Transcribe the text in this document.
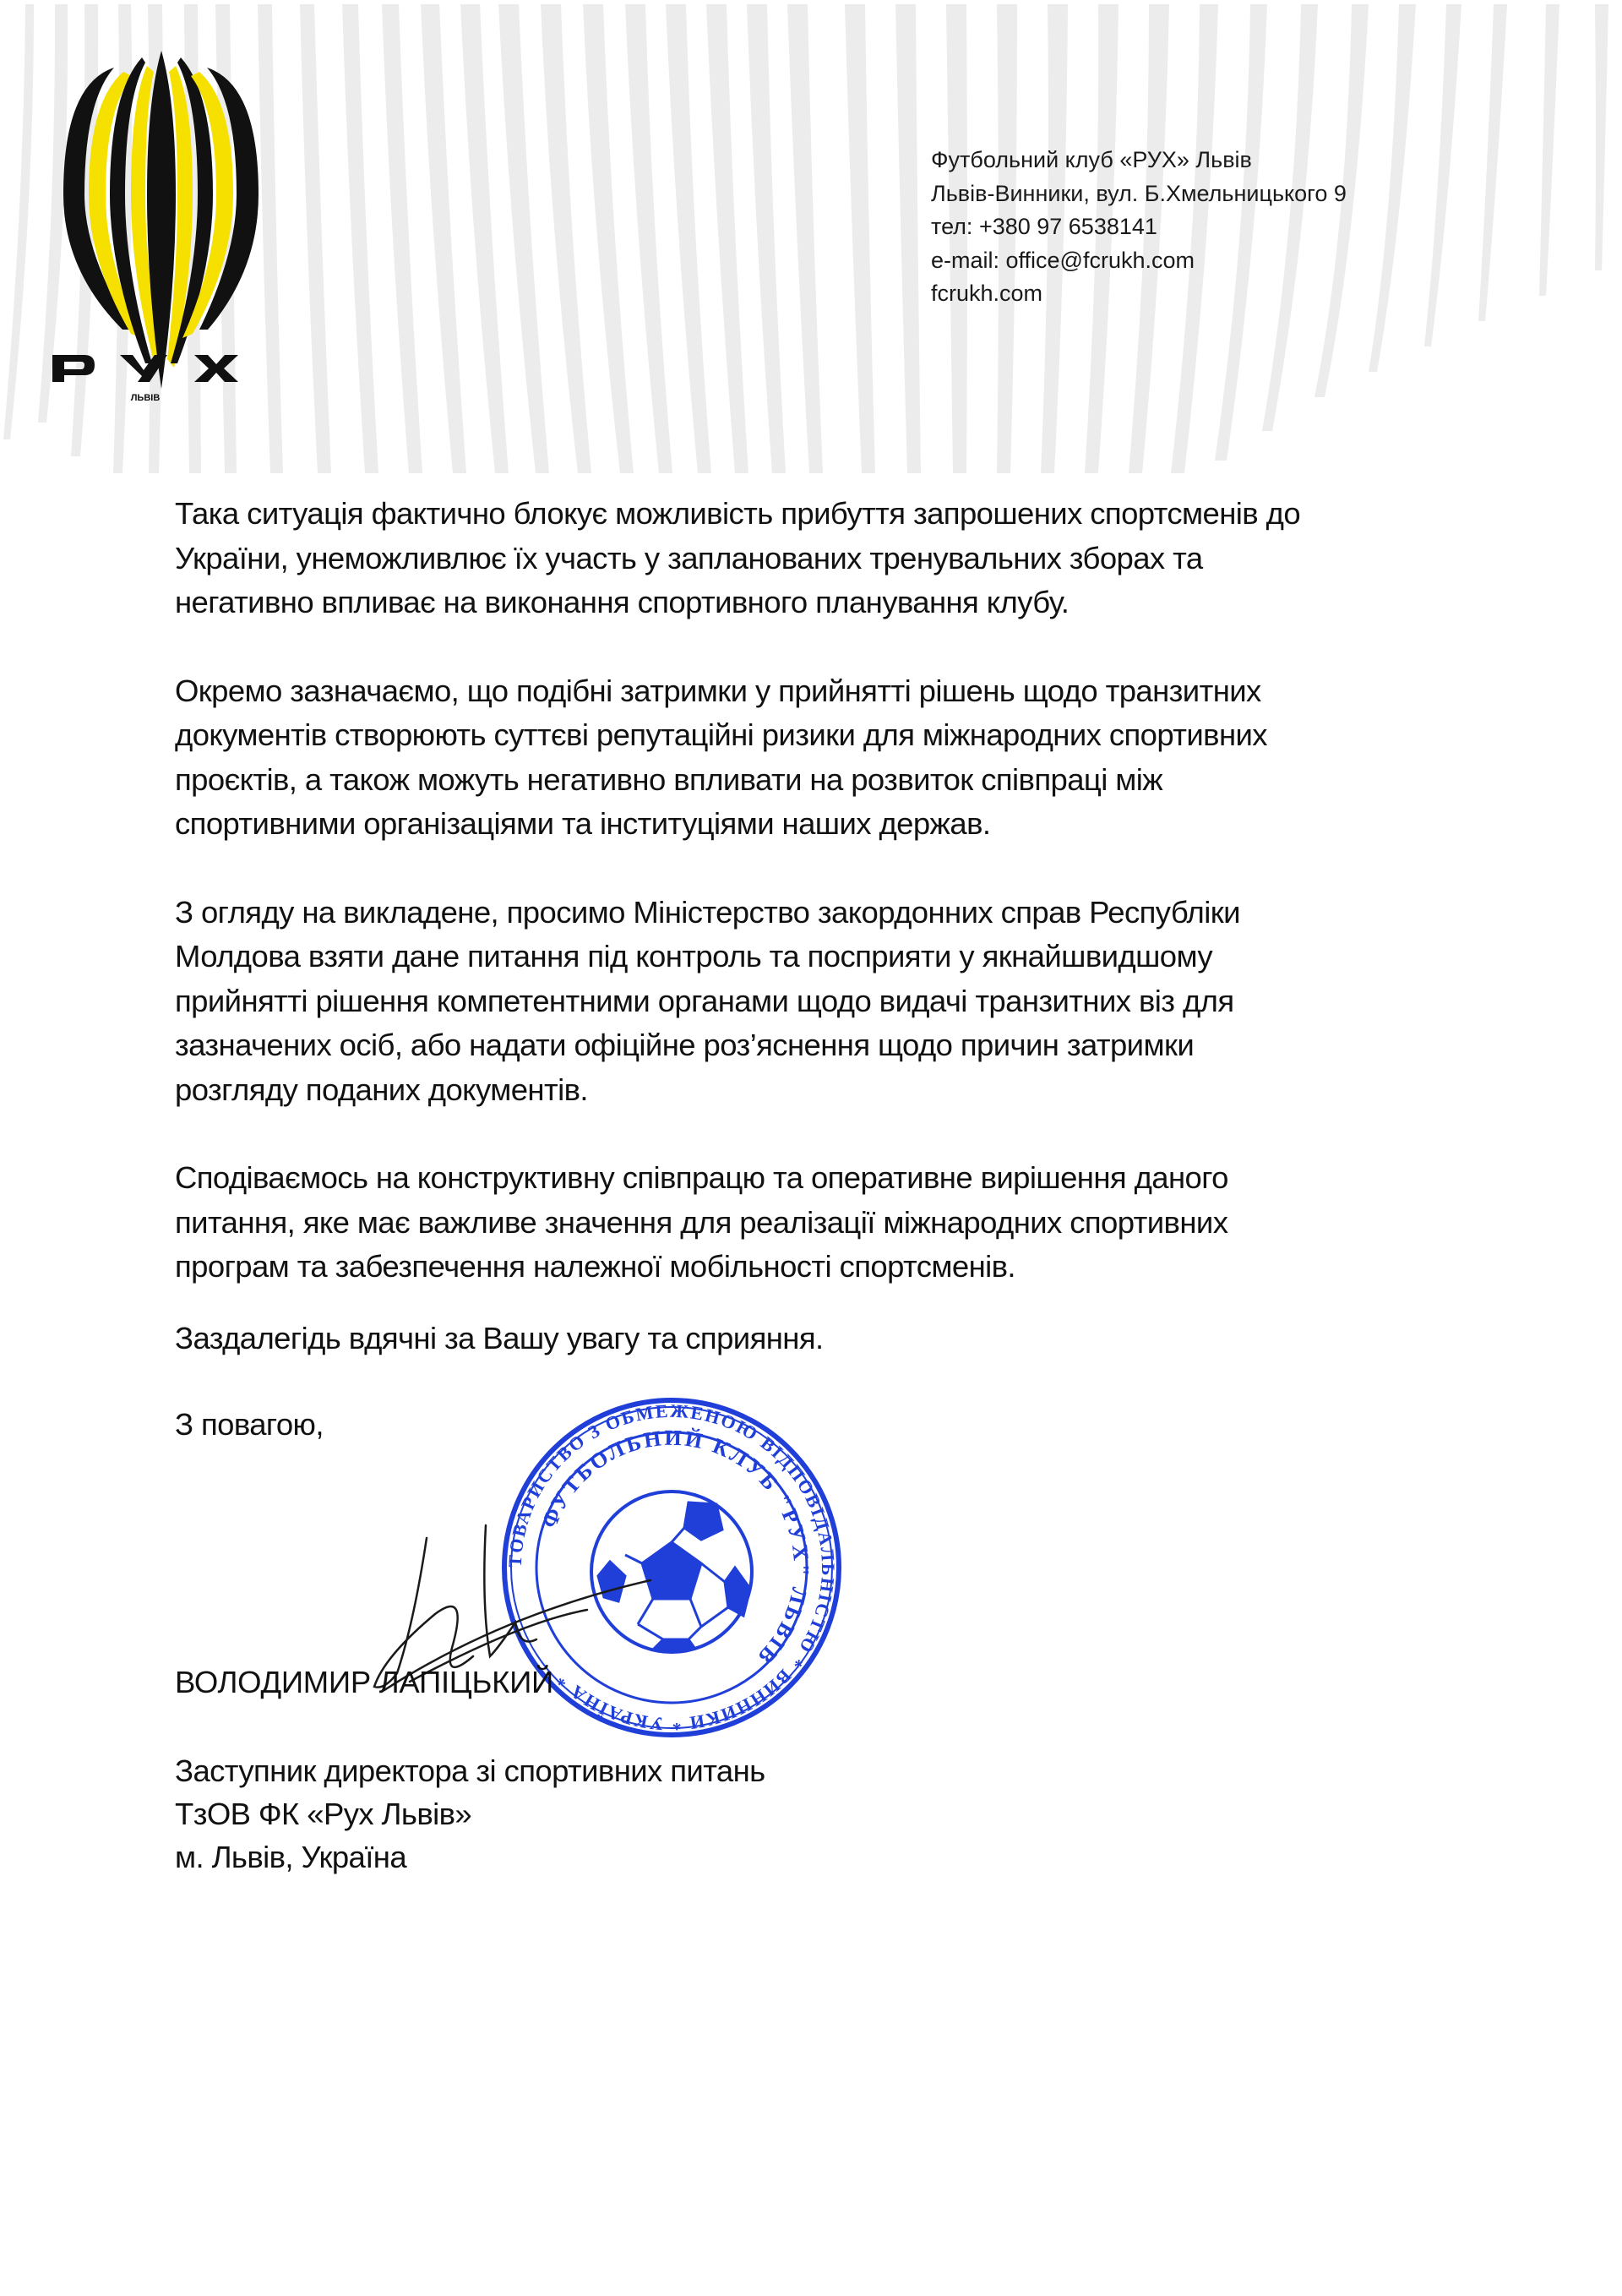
ЛЬВІВ
Футбольний клуб «РУХ» Львів
Львів-Винники, вул. Б.Хмельницького 9
тел: +380 97 6538141
e-mail: office@fcrukh.com
fcrukh.com

Така ситуація фактично блокує можливість прибуття запрошених спортсменів до
України, унеможливлює їх участь у запланованих тренувальних зборах та
негативно впливає на виконання спортивного планування клубу.

Окремо зазначаємо, що подібні затримки у прийнятті рішень щодо транзитних
документів створюють суттєві репутаційні ризики для міжнародних спортивних
проєктів, а також можуть негативно впливати на розвиток співпраці між
спортивними організаціями та інституціями наших держав.

З огляду на викладене, просимо Міністерство закордонних справ Республіки
Молдова взяти дане питання під контроль та посприяти у якнайшвидшому
прийнятті рішення компетентними органами щодо видачі транзитних віз для
зазначених осіб, або надати офіційне роз’яснення щодо причин затримки
розгляду поданих документів.

Сподіваємось на конструктивну співпрацю та оперативне вирішення даного
питання, яке має важливе значення для реалізації міжнародних спортивних
програм та забезпечення належної мобільності спортсменів.

Заздалегідь вдячні за Вашу увагу та сприяння.
З повагою,
ТОВАРИСТВО З ОБМЕЖЕНОЮ ВІДПОВІДАЛЬНІСТЮ * ВИННИКИ * УКРАЇНА *
ФУТБОЛЬНИЙ КЛУБ "РУХ" ЛЬВІВ
ВОЛОДИМИР ЛАПІЦЬКИЙ
Заступник директора зі спортивних питань
ТзОВ ФК «Рух Львів»
м. Львів, Україна
